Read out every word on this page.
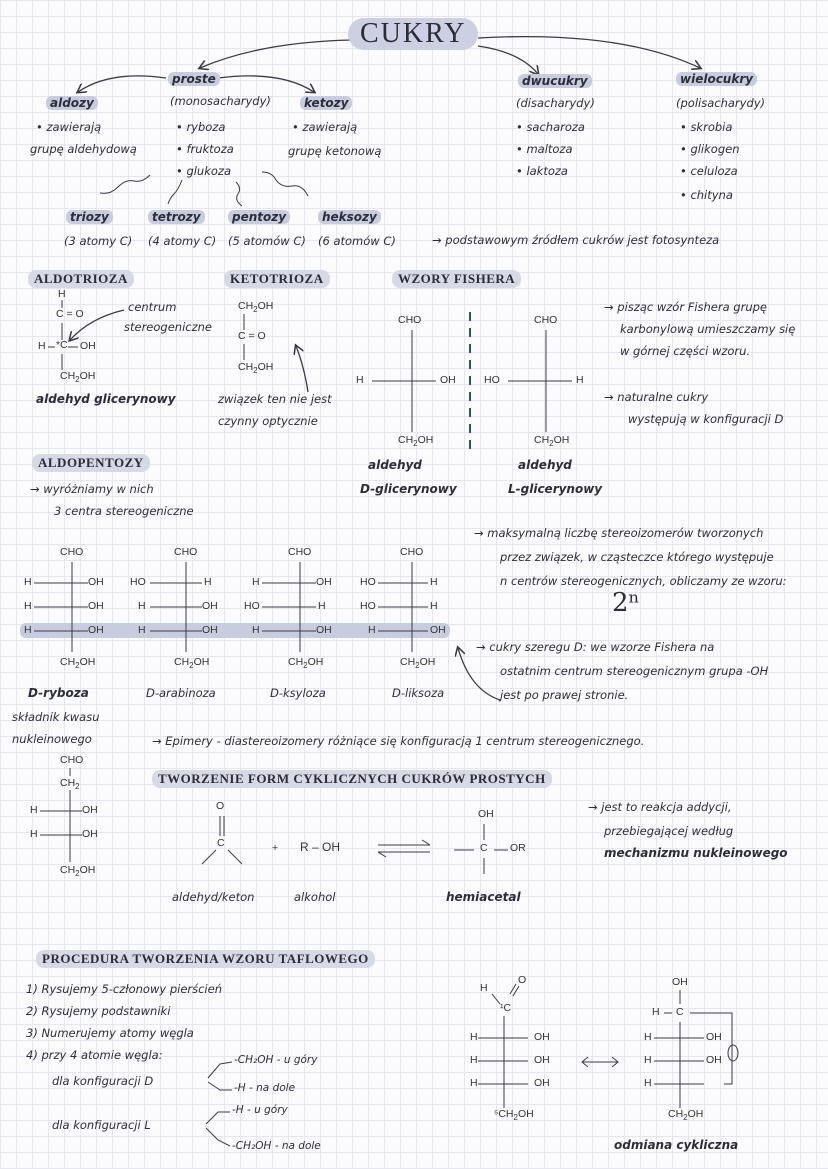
CUKRY
proste
(monosacharydy)
aldozy
• zawierają
grupę aldehydową
ketozy
• zawierają
grupę ketonową
• ryboza
• fruktoza
• glukoza
dwucukry
(disacharydy)
• sacharoza
• maltoza
• laktoza
wielocukry
(polisacharydy)
• skrobia
• glikogen
• celuloza
• chityna
triozy
(3 atomy C)
tetrozy
(4 atomy C)
pentozy
(5 atomów C)
heksozy
(6 atomów C)	→ podstawowym źródłem cukrów jest fotosynteza
ALDOTRIOZA
H
C = O
H *C OH
$CH_2OH$
centrum
stereogeniczne
aldehyd glicerynowy
KETOTRIOZA
$CH_2OH$
C = O
$CH_2OH$
związek ten nie jest
czynny optycznie
WZORY FISHERA
CHO
H	OH
$CH_2OH$
CHO
HO	H
$CH_2OH$
aldehyd
D-glicerynowy
aldehyd
L-glicerynowy
→ pisząc wzór Fishera grupę
karbonylową umieszczamy się
w górnej części wzoru.
→ naturalne cukry
występują w konfiguracji D
ALDOPENTOZY
→ wyróżniamy w nich
3 centra stereogeniczne
CHO
H	OH
H	OH
H	OH
$CH_2OH$
CHO
HO	H
H	OH
H	OH
$CH_2OH$
CHO
H	OH
HO	H
H	OH
$CH_2OH$
CHO
HO	H
HO	H
H	OH
$CH_2OH$
D-ryboza	D-arabinoza	D-ksyloza	D-liksoza
składnik kwasu
nukleinowego
→ maksymalną liczbę stereoizomerów tworzonych
przez związek, w cząsteczce którego występuje
n centrów stereogenicznych, obliczamy ze wzoru:
2ⁿ
→ cukry szeregu D: we wzorze Fishera na
ostatnim centrum stereogenicznym grupa -OH
jest po prawej stronie.
→ Epimery - diastereoizomery różniące się konfiguracją 1 centrum stereogenicznego.
CHO
$CH_2$
H	OH
H	OH
$CH_2OH$
TWORZENIE FORM CYKLICZNYCH CUKRÓW PROSTYCH
O
C	+ R – OH
OH
C OR
aldehyd/keton	alkohol	hemiacetal
→ jest to reakcja addycji,
przebiegającej według
mechanizmu nukleinowego
PROCEDURA TWORZENIA WZORU TAFLOWEGO
1) Rysujemy 5-członowy pierścień
2) Rysujemy podstawniki
3) Numerujemy atomy węgla
4) przy 4 atomie węgla:
dla konfiguracji D
-CH₂OH - u góry
-H - na dole
dla konfiguracji L
-H - u góry
-CH₂OH - na dole
H
O
¹C
H	OH
H	OH
H	OH
$^5CH_2OH$
OH
H C
H	OH
H	OH
H
$CH_2OH$
odmiana cykliczna
